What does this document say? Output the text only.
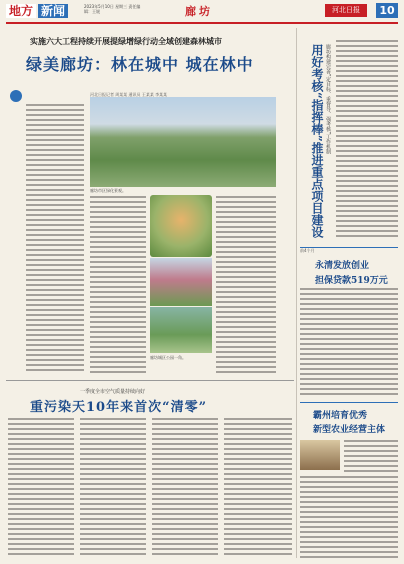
地方 新闻	2023年5月10日 星期三 责任编辑：王媛	廊坊	河北日报	10
实施六大工程持续开展提绿增绿行动全域创建森林城市
绿美廊坊：林在城中 城在林中
河北日报记者 周某某 通讯员 王某某 李某某
廊坊市区绿化景观。
廊坊城区公园一角。
用好考核“指挥棒”推进重点项目建设 廊坊构建完善“定目标、重督导、强考核”工作机制
前4个月
永清发放创业
担保贷款519万元
霸州培育优秀
新型农业经营主体
一季度全市空气质量持续向好
重污染天10年来首次“清零”
